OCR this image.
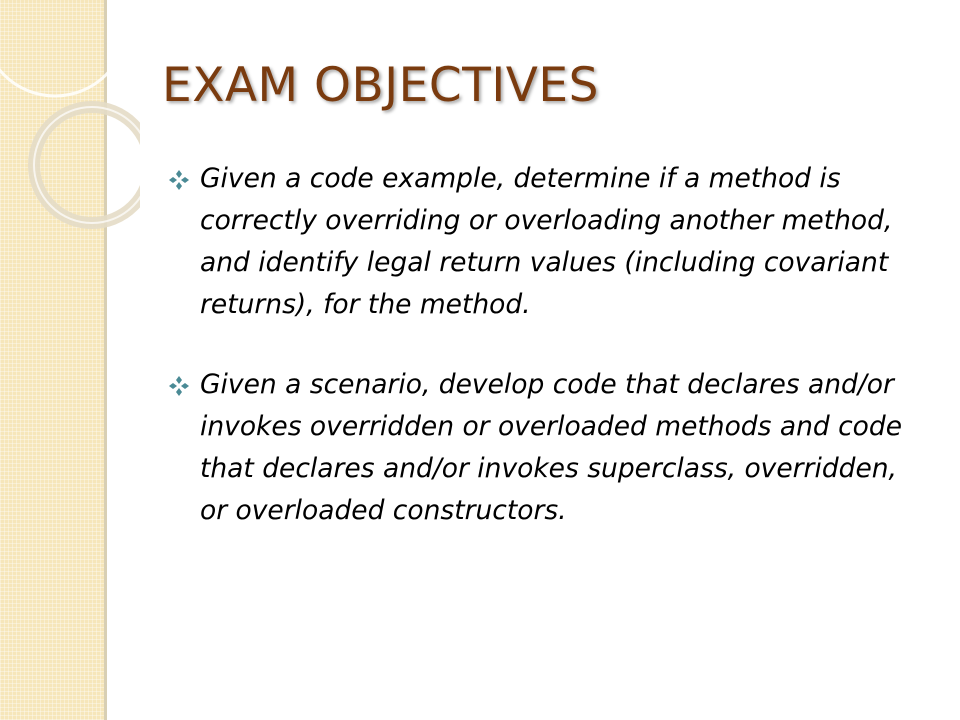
EXAM OBJECTIVES
Given a code example, determine if a method is correctly overriding or overloading another method, and identify legal return values (including covariant returns), for the method.
Given a scenario, develop code that declares and/or invokes overridden or overloaded methods and code that declares and/or invokes superclass, overridden, or overloaded constructors.
